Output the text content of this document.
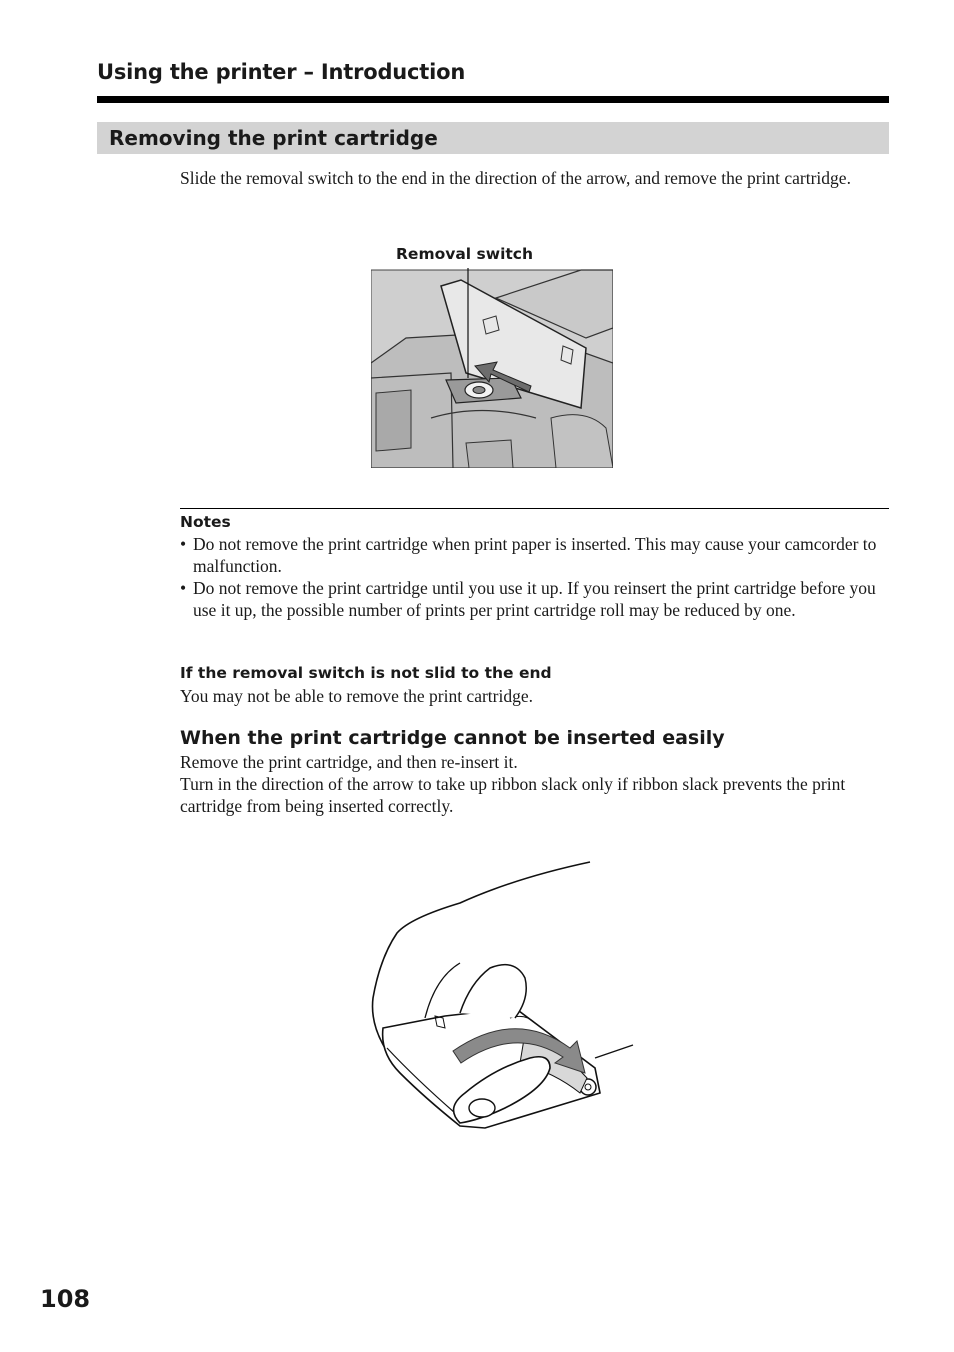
Using the printer – Introduction
Removing the print cartridge
Slide the removal switch to the end in the direction of the arrow, and remove the print cartridge.
Removal switch
Notes
• Do not remove the print cartridge when print paper is inserted. This may cause your camcorder to malfunction.
• Do not remove the print cartridge until you use it up. If you reinsert the print cartridge before you use it up, the possible number of prints per print cartridge roll may be reduced by one.
If the removal switch is not slid to the end
You may not be able to remove the print cartridge.
When the print cartridge cannot be inserted easily
Remove the print cartridge, and then re-insert it.
Turn in the direction of the arrow to take up ribbon slack only if ribbon slack prevents the print cartridge from being inserted correctly.
108
